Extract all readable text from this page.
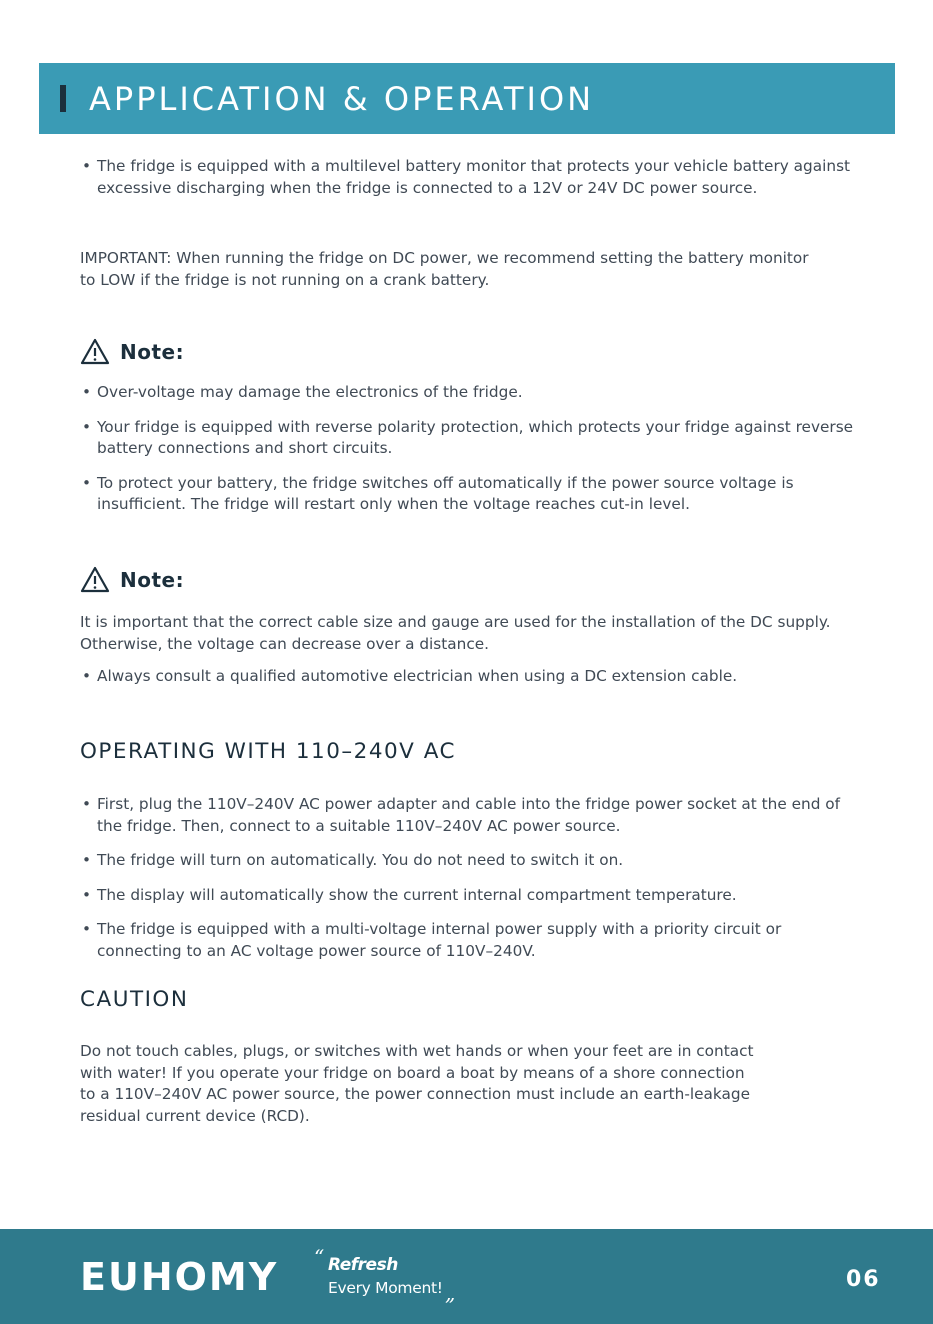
APPLICATION & OPERATION
• The fridge is equipped with a multilevel battery monitor that protects your vehicle battery against excessive discharging when the fridge is connected to a 12V or 24V DC power source.
IMPORTANT: When running the fridge on DC power, we recommend setting the battery monitor to LOW if the fridge is not running on a crank battery.
Note:
• Over-voltage may damage the electronics of the fridge.
• Your fridge is equipped with reverse polarity protection, which protects your fridge against reverse battery connections and short circuits.
• To protect your battery, the fridge switches off automatically if the power source voltage is insufficient. The fridge will restart only when the voltage reaches cut-in level.
Note:
It is important that the correct cable size and gauge are used for the installation of the DC supply. Otherwise, the voltage can decrease over a distance.
• Always consult a qualified automotive electrician when using a DC extension cable.
OPERATING WITH 110–240V AC
• First, plug the 110V–240V AC power adapter and cable into the fridge power socket at the end of the fridge. Then, connect to a suitable 110V–240V AC power source.
• The fridge will turn on automatically. You do not need to switch it on.
• The display will automatically show the current internal compartment temperature.
• The fridge is equipped with a multi-voltage internal power supply with a priority circuit or connecting to an AC voltage power source of 110V–240V.
CAUTION
Do not touch cables, plugs, or switches with wet hands or when your feet are in contact with water! If you operate your fridge on board a boat by means of a shore connection to a 110V–240V AC power source, the power connection must include an earth-leakage residual current device (RCD).
EUHOMY “ Refresh
Every Moment! „
06
